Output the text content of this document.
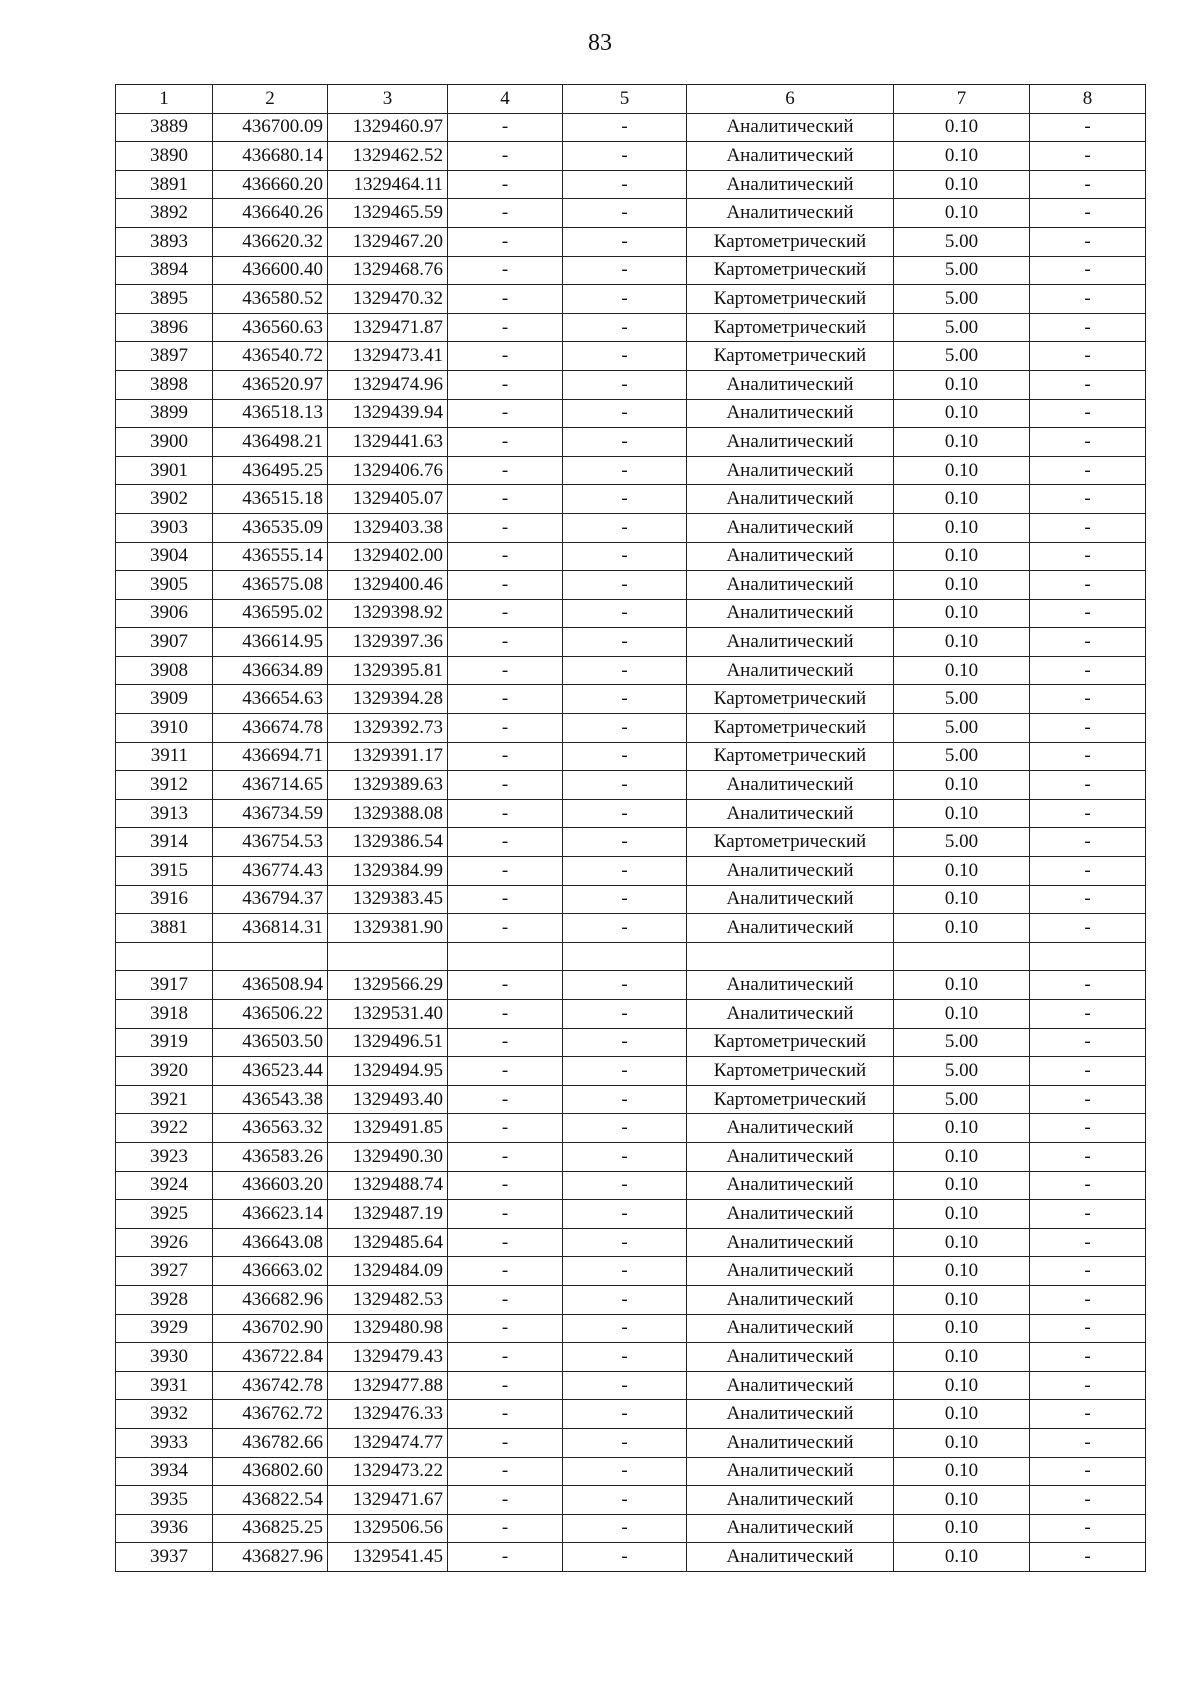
83
1	2	3	4	5	6	7	8
3889	436700.09	1329460.97	-	-	Аналитический	0.10	-
3890	436680.14	1329462.52	-	-	Аналитический	0.10	-
3891	436660.20	1329464.11	-	-	Аналитический	0.10	-
3892	436640.26	1329465.59	-	-	Аналитический	0.10	-
3893	436620.32	1329467.20	-	-	Картометрический	5.00	-
3894	436600.40	1329468.76	-	-	Картометрический	5.00	-
3895	436580.52	1329470.32	-	-	Картометрический	5.00	-
3896	436560.63	1329471.87	-	-	Картометрический	5.00	-
3897	436540.72	1329473.41	-	-	Картометрический	5.00	-
3898	436520.97	1329474.96	-	-	Аналитический	0.10	-
3899	436518.13	1329439.94	-	-	Аналитический	0.10	-
3900	436498.21	1329441.63	-	-	Аналитический	0.10	-
3901	436495.25	1329406.76	-	-	Аналитический	0.10	-
3902	436515.18	1329405.07	-	-	Аналитический	0.10	-
3903	436535.09	1329403.38	-	-	Аналитический	0.10	-
3904	436555.14	1329402.00	-	-	Аналитический	0.10	-
3905	436575.08	1329400.46	-	-	Аналитический	0.10	-
3906	436595.02	1329398.92	-	-	Аналитический	0.10	-
3907	436614.95	1329397.36	-	-	Аналитический	0.10	-
3908	436634.89	1329395.81	-	-	Аналитический	0.10	-
3909	436654.63	1329394.28	-	-	Картометрический	5.00	-
3910	436674.78	1329392.73	-	-	Картометрический	5.00	-
3911	436694.71	1329391.17	-	-	Картометрический	5.00	-
3912	436714.65	1329389.63	-	-	Аналитический	0.10	-
3913	436734.59	1329388.08	-	-	Аналитический	0.10	-
3914	436754.53	1329386.54	-	-	Картометрический	5.00	-
3915	436774.43	1329384.99	-	-	Аналитический	0.10	-
3916	436794.37	1329383.45	-	-	Аналитический	0.10	-
3881	436814.31	1329381.90	-	-	Аналитический	0.10	-

3917	436508.94	1329566.29	-	-	Аналитический	0.10	-
3918	436506.22	1329531.40	-	-	Аналитический	0.10	-
3919	436503.50	1329496.51	-	-	Картометрический	5.00	-
3920	436523.44	1329494.95	-	-	Картометрический	5.00	-
3921	436543.38	1329493.40	-	-	Картометрический	5.00	-
3922	436563.32	1329491.85	-	-	Аналитический	0.10	-
3923	436583.26	1329490.30	-	-	Аналитический	0.10	-
3924	436603.20	1329488.74	-	-	Аналитический	0.10	-
3925	436623.14	1329487.19	-	-	Аналитический	0.10	-
3926	436643.08	1329485.64	-	-	Аналитический	0.10	-
3927	436663.02	1329484.09	-	-	Аналитический	0.10	-
3928	436682.96	1329482.53	-	-	Аналитический	0.10	-
3929	436702.90	1329480.98	-	-	Аналитический	0.10	-
3930	436722.84	1329479.43	-	-	Аналитический	0.10	-
3931	436742.78	1329477.88	-	-	Аналитический	0.10	-
3932	436762.72	1329476.33	-	-	Аналитический	0.10	-
3933	436782.66	1329474.77	-	-	Аналитический	0.10	-
3934	436802.60	1329473.22	-	-	Аналитический	0.10	-
3935	436822.54	1329471.67	-	-	Аналитический	0.10	-
3936	436825.25	1329506.56	-	-	Аналитический	0.10	-
3937	436827.96	1329541.45	-	-	Аналитический	0.10	-
